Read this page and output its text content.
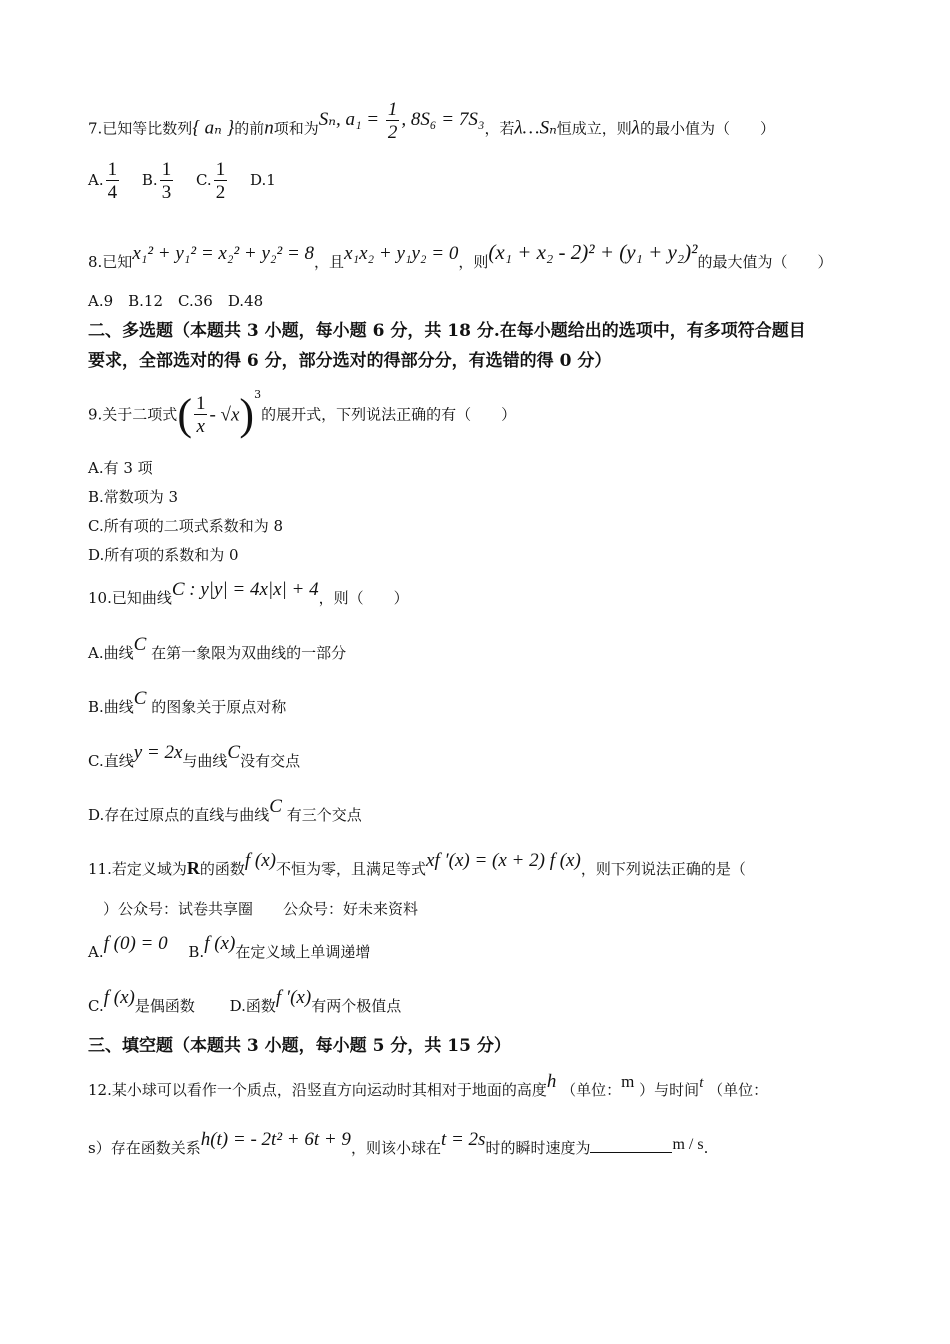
7.已知等比数列{ aₙ }的前n项和为Sₙ, $a_1 = \frac{1}{2}$ , 8S₆ = 7S₃，若λ…Sₙ恒成立，则λ的最小值为（　　）
A. $\frac{1}{4} B$. $\frac{1}{3} C$. $\frac{1}{2} D.1$
8.已知x₁² + y₁² = x₂² + y₂² = 8，且x₁x₂ + y₁y₂ = 0，则(x₁ + x₂ - 2)² + (y₁ + y₂)²的最大值为（　　）
A.9　B.12　C.36　D.48
二、多选题（本题共 3 小题，每小题 6 分，共 18 分.在每小题给出的选项中，有多项符合题目
要求，全部选对的得 6 分，部分选对的得部分分，有选错的得 0 分）
9.关于二项式( $\frac{1}{x} - √x)^3$的展开式，下列说法正确的有（　　）
A.有 3 项
B.常数项为 3
C.所有项的二项式系数和为 8
D.所有项的系数和为 0
10.已知曲线C : y|y| = 4x|x| + 4，则（　　）
A.曲线C 在第一象限为双曲线的一部分
B.曲线C 的图象关于原点对称
C.直线y = 2x与曲线C没有交点
D.存在过原点的直线与曲线C 有三个交点
11.若定义域为R的函数f (x)不恒为零，且满足等式xf ′(x) = (x + 2) f (x)，则下列说法正确的是（
　）公众号：试卷共享圈　　公众号：好未来资料
A.f (0) = 0 B.f (x)在定义域上单调递增
C.f (x)是偶函数 D.函数f ′(x)有两个极值点
三、填空题（本题共 3 小题，每小题 5 分，共 15 分）
12.某小球可以看作一个质点，沿竖直方向运动时其相对于地面的高度h （单位：m ）与时间t （单位：
s）存在函数关系h(t) = - 2t² + 6t + 9，则该小球在t = 2s时的瞬时速度为	m / s.
